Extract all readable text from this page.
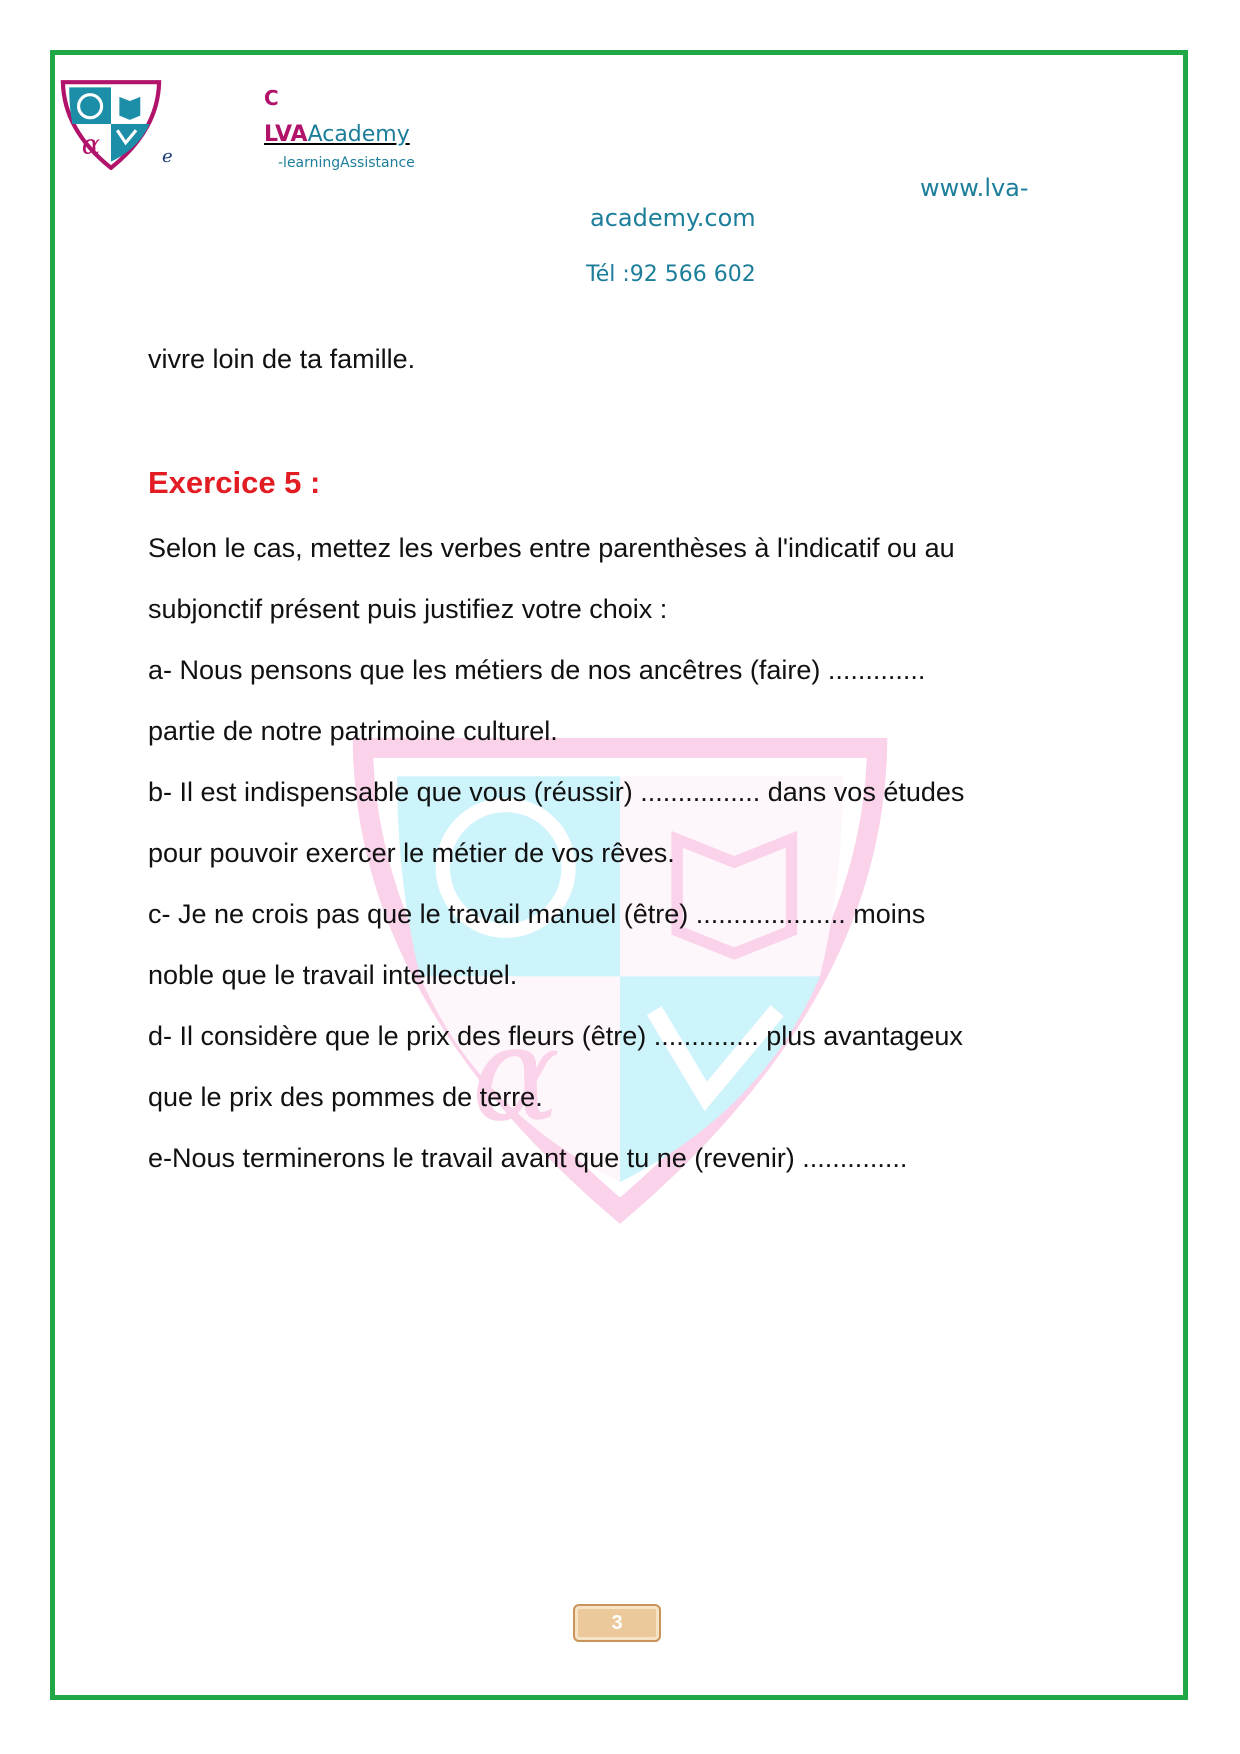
α
α	e
C
LVAAcademy
-learningAssistance
www.lva-
academy.com
Tél :92 566 602
vivre loin de ta famille.
Exercice 5 :
Selon le cas, mettez les verbes entre parenthèses à l'indicatif ou au
subjonctif présent puis justifiez votre choix :
a- Nous pensons que les métiers de nos ancêtres (faire) .............
partie de notre patrimoine culturel.
b- Il est indispensable que vous (réussir) ................ dans vos études
pour pouvoir exercer le métier de vos rêves.
c- Je ne crois pas que le travail manuel (être) .................... moins
noble que le travail intellectuel.
d- Il considère que le prix des fleurs (être) .............. plus avantageux
que le prix des pommes de terre.
e-Nous terminerons le travail avant que tu ne (revenir) ..............
3
